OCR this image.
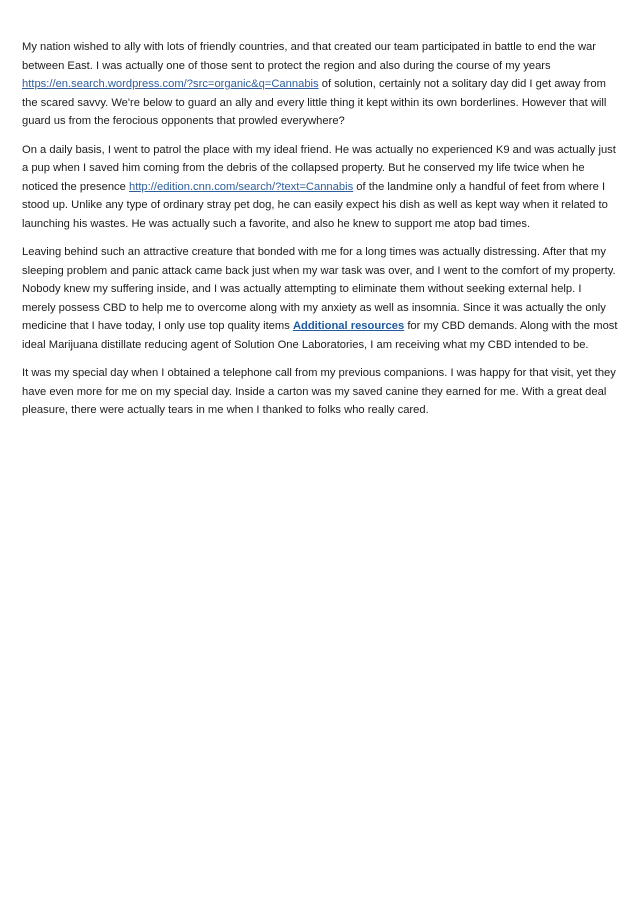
My nation wished to ally with lots of friendly countries, and that created our team participated in battle to end the war between East. I was actually one of those sent to protect the region and also during the course of my years https://en.search.wordpress.com/?src=organic&q=Cannabis of solution, certainly not a solitary day did I get away from the scared savvy. We're below to guard an ally and every little thing it kept within its own borderlines. However that will guard us from the ferocious opponents that prowled everywhere?

On a daily basis, I went to patrol the place with my ideal friend. He was actually no experienced K9 and was actually just a pup when I saved him coming from the debris of the collapsed property. But he conserved my life twice when he noticed the presence http://edition.cnn.com/search/?text=Cannabis of the landmine only a handful of feet from where I stood up. Unlike any type of ordinary stray pet dog, he can easily expect his dish as well as kept way when it related to launching his wastes. He was actually such a favorite, and also he knew to support me atop bad times.

Leaving behind such an attractive creature that bonded with me for a long times was actually distressing. After that my sleeping problem and panic attack came back just when my war task was over, and I went to the comfort of my property. Nobody knew my suffering inside, and I was actually attempting to eliminate them without seeking external help. I merely possess CBD to help me to overcome along with my anxiety as well as insomnia. Since it was actually the only medicine that I have today, I only use top quality items Additional resources for my CBD demands. Along with the most ideal Marijuana distillate reducing agent of Solution One Laboratories, I am receiving what my CBD intended to be.

It was my special day when I obtained a telephone call from my previous companions. I was happy for that visit, yet they have even more for me on my special day. Inside a carton was my saved canine they earned for me. With a great deal pleasure, there were actually tears in me when I thanked to folks who really cared.
